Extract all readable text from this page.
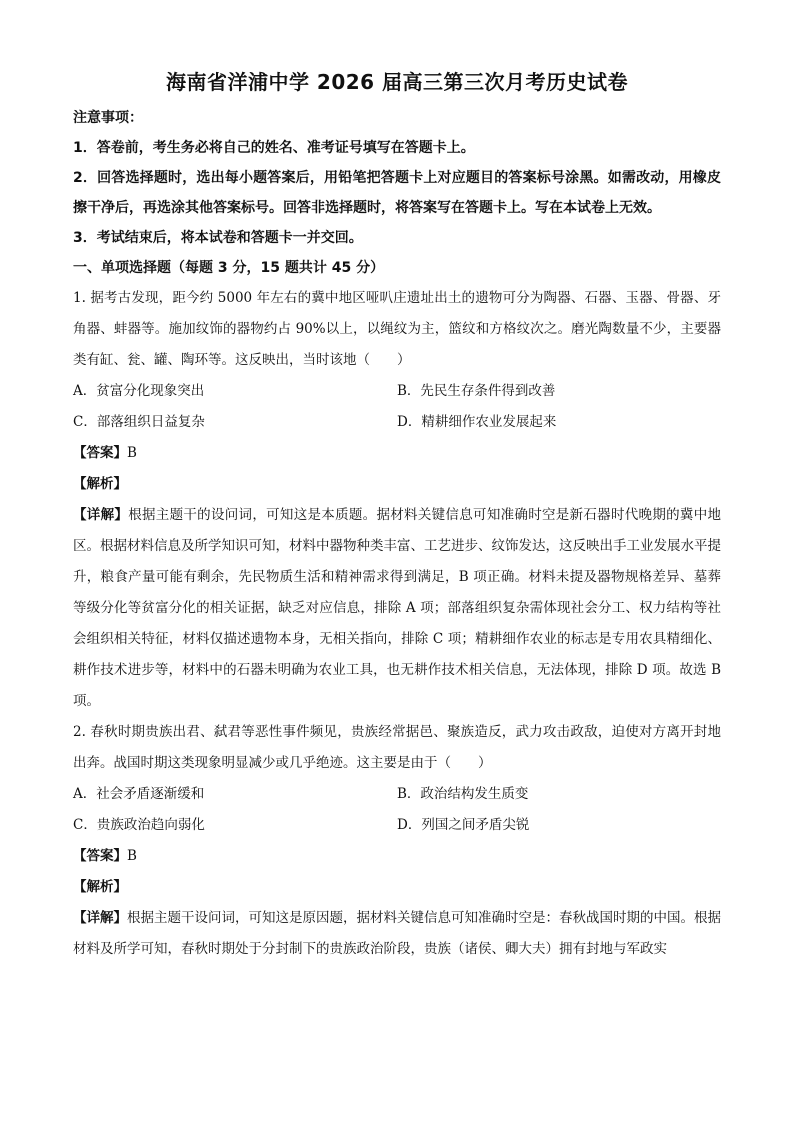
海南省洋浦中学 2026 届高三第三次月考历史试卷

注意事项：

1．答卷前，考生务必将自己的姓名、准考证号填写在答题卡上。

2．回答选择题时，选出每小题答案后，用铅笔把答题卡上对应题目的答案标号涂黑。如需改动，用橡皮擦干净后，再选涂其他答案标号。回答非选择题时，将答案写在答题卡上。写在本试卷上无效。

3．考试结束后，将本试卷和答题卡一并交回。

一、单项选择题（每题 3 分，15 题共计 45 分）

1. 据考古发现，距今约 5000 年左右的冀中地区哑叭庄遗址出土的遗物可分为陶器、石器、玉器、骨器、牙角器、蚌器等。施加纹饰的器物约占 90%以上，以绳纹为主，篮纹和方格纹次之。磨光陶数量不少，主要器类有缸、瓮、罐、陶环等。这反映出，当时该地（　　）

A．贫富分化现象突出	B．先民生存条件得到改善
C．部落组织日益复杂	D．精耕细作农业发展起来

【答案】B

【解析】

【详解】根据主题干的设问词，可知这是本质题。据材料关键信息可知准确时空是新石器时代晚期的冀中地区。根据材料信息及所学知识可知，材料中器物种类丰富、工艺进步、纹饰发达，这反映出手工业发展水平提升，粮食产量可能有剩余，先民物质生活和精神需求得到满足，B 项正确。材料未提及器物规格差异、墓葬等级分化等贫富分化的相关证据，缺乏对应信息，排除 A 项；部落组织复杂需体现社会分工、权力结构等社会组织相关特征，材料仅描述遗物本身，无相关指向，排除 C 项；精耕细作农业的标志是专用农具精细化、耕作技术进步等，材料中的石器未明确为农业工具，也无耕作技术相关信息，无法体现，排除 D 项。故选 B 项。

2. 春秋时期贵族出君、弑君等恶性事件频见，贵族经常据邑、聚族造反，武力攻击政敌，迫使对方离开封地出奔。战国时期这类现象明显减少或几乎绝迹。这主要是由于（　　）

A．社会矛盾逐渐缓和	B．政治结构发生质变
C．贵族政治趋向弱化	D．列国之间矛盾尖锐

【答案】B

【解析】

【详解】根据主题干设问词，可知这是原因题，据材料关键信息可知准确时空是：春秋战国时期的中国。根据材料及所学可知，春秋时期处于分封制下的贵族政治阶段，贵族（诸侯、卿大夫）拥有封地与军政实
